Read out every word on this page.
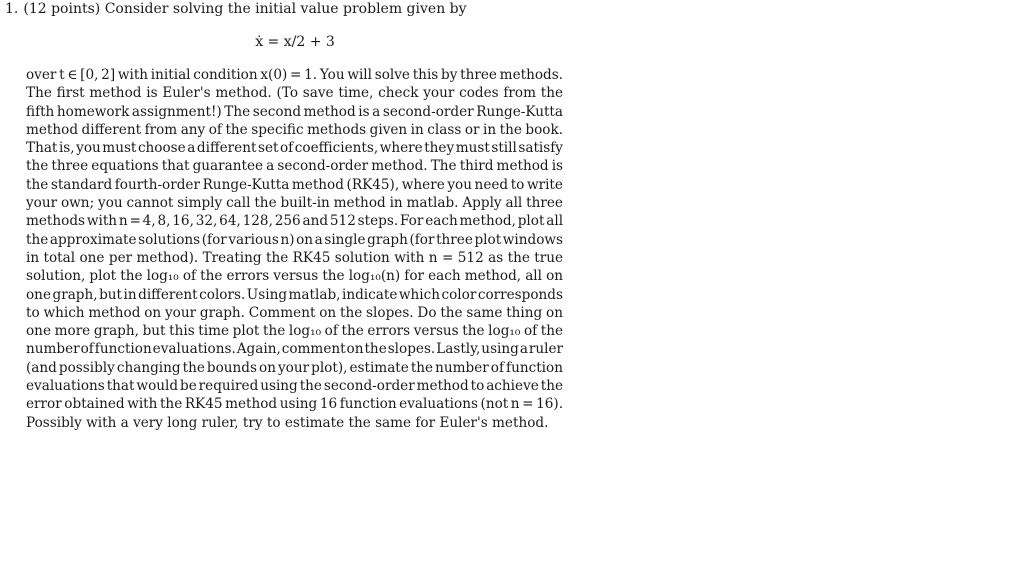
1. (12 points) Consider solving the initial value problem given by
ẋ = x/2 + 3
over t ∈ [0, 2] with initial condition x(0) = 1. You will solve this by three methods.
The first method is Euler's method. (To save time, check your codes from the
fifth homework assignment!) The second method is a second-order Runge-Kutta
method different from any of the specific methods given in class or in the book.
That is, you must choose a different set of coefficients, where they must still satisfy
the three equations that guarantee a second-order method. The third method is
the standard fourth-order Runge-Kutta method (RK45), where you need to write
your own; you cannot simply call the built-in method in matlab. Apply all three
methods with n = 4, 8, 16, 32, 64, 128, 256 and 512 steps. For each method, plot all
the approximate solutions (for various n) on a single graph (for three plot windows
in total one per method). Treating the RK45 solution with n = 512 as the true
solution, plot the log₁₀ of the errors versus the log₁₀(n) for each method, all on
one graph, but in different colors. Using matlab, indicate which color corresponds
to which method on your graph. Comment on the slopes. Do the same thing on
one more graph, but this time plot the log₁₀ of the errors versus the log₁₀ of the
number of function evaluations. Again, comment on the slopes. Lastly, using a ruler
(and possibly changing the bounds on your plot), estimate the number of function
evaluations that would be required using the second-order method to achieve the
error obtained with the RK45 method using 16 function evaluations (not n = 16).
Possibly with a very long ruler, try to estimate the same for Euler's method.
